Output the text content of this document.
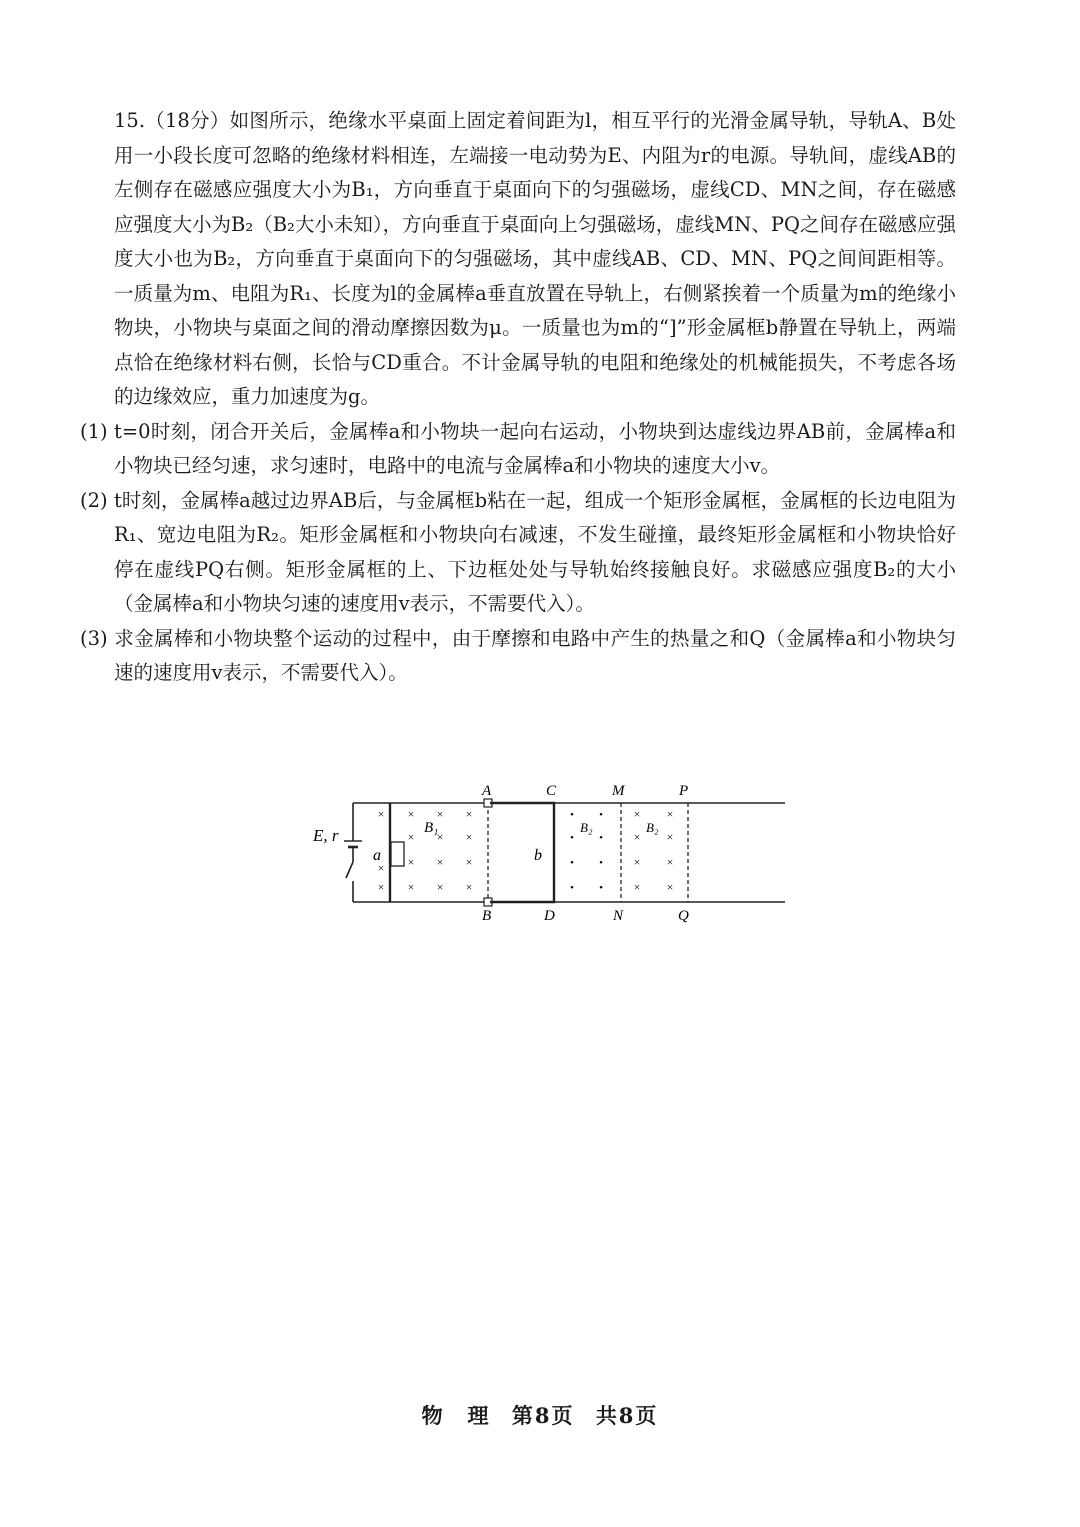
15.（18分）如图所示，绝缘水平桌面上固定着间距为l，相互平行的光滑金属导轨，导轨A、B处用一小段长度可忽略的绝缘材料相连，左端接一电动势为E、内阻为r的电源。导轨间，虚线AB的左侧存在磁感应强度大小为B₁，方向垂直于桌面向下的匀强磁场，虚线CD、MN之间，存在磁感应强度大小为B₂（B₂大小未知），方向垂直于桌面向上匀强磁场，虚线MN、PQ之间存在磁感应强度大小也为B₂，方向垂直于桌面向下的匀强磁场，其中虚线AB、CD、MN、PQ之间间距相等。一质量为m、电阻为R₁、长度为l的金属棒a垂直放置在导轨上，右侧紧挨着一个质量为m的绝缘小物块，小物块与桌面之间的滑动摩擦因数为μ。一质量也为m的“]”形金属框b静置在导轨上，两端点恰在绝缘材料右侧，长恰与CD重合。不计金属导轨的电阻和绝缘处的机械能损失，不考虑各场的边缘效应，重力加速度为g。

(1) t=0时刻，闭合开关后，金属棒a和小物块一起向右运动，小物块到达虚线边界AB前，金属棒a和小物块已经匀速，求匀速时，电路中的电流与金属棒a和小物块的速度大小v。

(2) t时刻，金属棒a越过边界AB后，与金属框b粘在一起，组成一个矩形金属框，金属框的长边电阻为R₁、宽边电阻为R₂。矩形金属框和小物块向右减速，不发生碰撞，最终矩形金属框和小物块恰好停在虚线PQ右侧。矩形金属框的上、下边框处处与导轨始终接触良好。求磁感应强度B₂的大小（金属棒a和小物块匀速的速度用v表示，不需要代入）。

(3) 求金属棒和小物块整个运动的过程中，由于摩擦和电路中产生的热量之和Q（金属棒a和小物块匀速的速度用v表示，不需要代入）。

E, r
a	b
B₁	B₂	B₂
A	C	M	P
B	D	N	Q
×
×
×
×
×
×
×
×
×
×
×
×
×
×
×
•
•
•
•
•
•
•
•
×
×
×
×
×
×
×
×
物　理 第8页 共8页
